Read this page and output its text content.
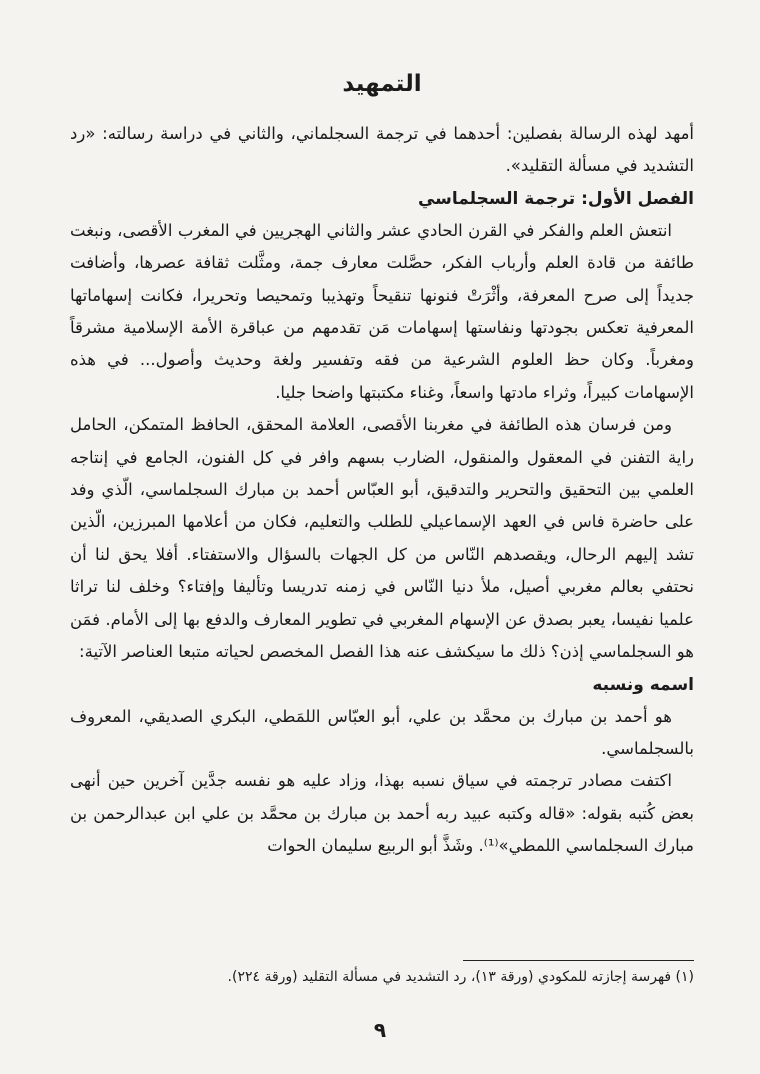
التمهيد

أمهد لهذه الرسالة بفصلين: أحدهما في ترجمة السجلماني، والثاني في دراسة رسالته: «رد التشديد في مسألة التقليد».

الفصل الأول: ترجمة السجلماسي

انتعش العلم والفكر في القرن الحادي عشر والثاني الهجريين في المغرب الأقصى، ونبغت طائفة من قادة العلم وأرباب الفكر، حصَّلت معارف جمة، ومثَّلت ثقافة عصرها، وأضافت جديداً إلى صرح المعرفة، وأثْرَتْ فنونها تنقيحاً وتهذيبا وتمحيصا وتحريرا، فكانت إسهاماتها المعرفية تعكس بجودتها ونفاستها إسهامات مَن تقدمهم من عباقرة الأمة الإسلامية مشرقاً ومغرباً. وكان حظ العلوم الشرعية من فقه وتفسير ولغة وحديث وأصول... في هذه الإسهامات كبيراً، وثراء مادتها واسعاً، وغناء مكتبتها واضحا جليا.

ومن فرسان هذه الطائفة في مغربنا الأقصى، العلامة المحقق، الحافظ المتمكن، الحامل راية التفنن في المعقول والمنقول، الضارب بسهم وافر في كل الفنون، الجامع في إنتاجه العلمي بين التحقيق والتحرير والتدقيق، أبو العبّاس أحمد بن مبارك السجلماسي، الّذي وفد على حاضرة فاس في العهد الإسماعيلي للطلب والتعليم، فكان من أعلامها المبرزين، الّذين تشد إليهم الرحال، ويقصدهم النّاس من كل الجهات بالسؤال والاستفتاء. أفلا يحق لنا أن نحتفي بعالم مغربي أصيل، ملأ دنيا النّاس في زمنه تدريسا وتأليفا وإفتاء؟ وخلف لنا تراثا علميا نفيسا، يعبر بصدق عن الإسهام المغربي في تطوير المعارف والدفع بها إلى الأمام. فمَن هو السجلماسي إذن؟ ذلك ما سيكشف عنه هذا الفصل المخصص لحياته متبعا العناصر الآتية:

اسمه ونسبه

هو أحمد بن مبارك بن محمَّد بن علي، أبو العبّاس اللمَطي، البكري الصديقي، المعروف بالسجلماسي.

اكتفت مصادر ترجمته في سياق نسبه بهذا، وزاد عليه هو نفسه جدَّين آخرين حين أنهى بعض كُتبه بقوله: «قاله وكتبه عبيد ربه أحمد بن مبارك بن محمَّد بن علي ابن عبدالرحمن بن مبارك السجلماسي اللمطي»⁽¹⁾. وشَذَّ أبو الربيع سليمان الحوات

(١) فهرسة إجازته للمكودي (ورقة ١٣)، رد التشديد في مسألة التقليد (ورقة ٢٢٤).
٩
